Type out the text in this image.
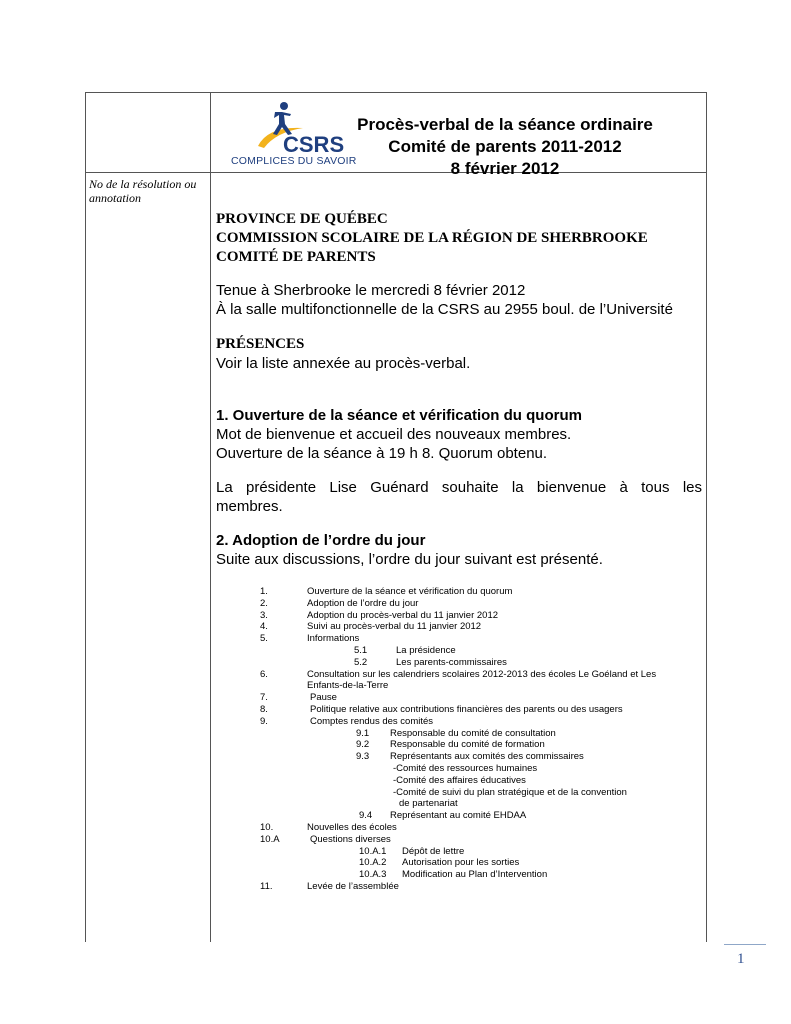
CSRS
COMPLICES DU SAVOIR
Procès-verbal de la séance ordinaire
Comité de parents 2011-2012
8 février 2012
No de la résolution ou annotation
PROVINCE DE QUÉBEC
COMMISSION SCOLAIRE DE LA RÉGION DE SHERBROOKE
COMITÉ DE PARENTS
Tenue à Sherbrooke le mercredi 8 février 2012
À la salle multifonctionnelle de la CSRS au 2955 boul. de l’Université
PRÉSENCES
Voir la liste annexée au procès-verbal.
1. Ouverture de la séance et vérification du quorum
Mot de bienvenue et accueil des nouveaux membres.
Ouverture de la séance à 19 h 8. Quorum obtenu.
La présidente Lise Guénard souhaite la bienvenue à tous les
membres.
2. Adoption de l’ordre du jour
Suite aux discussions, l’ordre du jour suivant est présenté.
1.	Ouverture de la séance et vérification du quorum
2.	Adoption de l’ordre du jour
3.	Adoption du procès-verbal du 11 janvier 2012
4.	Suivi au procès-verbal du 11 janvier 2012
5.	Informations
5.1	La présidence
5.2	Les parents-commissaires
6.	Consultation sur les calendriers scolaires 2012-2013 des écoles Le Goéland et Les
Enfants-de-la-Terre
7.	Pause
8.	Politique relative aux contributions financières des parents ou des usagers
9.	Comptes rendus des comités
9.1 Responsable du comité de consultation
9.2 Responsable du comité de formation
9.3 Représentants aux comités des commissaires
-Comité des ressources humaines
-Comité des affaires éducatives
-Comité de suivi du plan stratégique et de la convention
de partenariat
9.4 Représentant au comité EHDAA
10.	Nouvelles des écoles
10.A	Questions diverses
10.A.1 Dépôt de lettre
10.A.2 Autorisation pour les sorties
10.A.3 Modification au Plan d’Intervention
11.	Levée de l’assemblée
1
